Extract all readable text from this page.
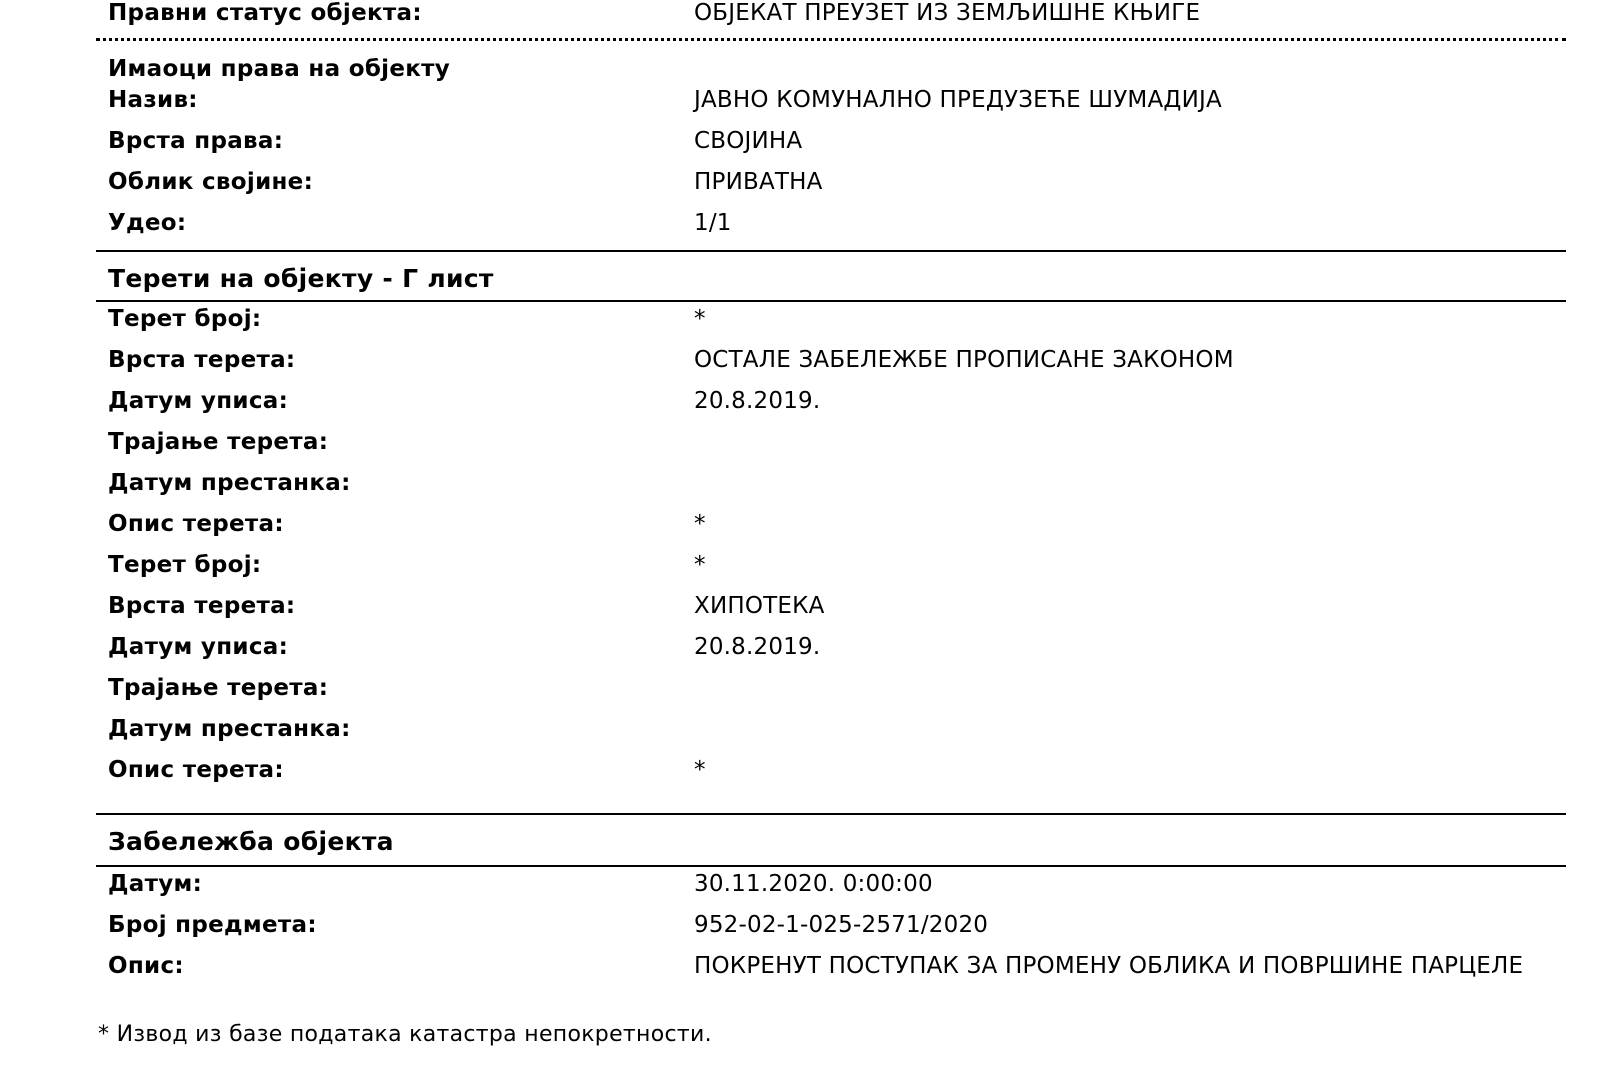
Правни статус објекта:	ОБЈЕКАТ ПРЕУЗЕТ ИЗ ЗЕМЉИШНЕ КЊИГЕ
Имаоци права на објекту
Назив:	ЈАВНО КОМУНАЛНО ПРЕДУЗЕЋЕ ШУМАДИЈА
Врста права:	СВОЈИНА
Облик својине:	ПРИВАТНА
Удео:	1/1
Терети на објекту - Г лист
Терет број:	*
Врста терета:	ОСТАЛЕ ЗАБЕЛЕЖБЕ ПРОПИСАНЕ ЗАКОНОМ
Датум уписа:	20.8.2019.
Трајање терета:
Датум престанка:
Опис терета:	*
Терет број:	*
Врста терета:	ХИПОТЕКА
Датум уписа:	20.8.2019.
Трајање терета:
Датум престанка:
Опис терета:	*
Забележба објекта
Датум:	30.11.2020. 0:00:00
Број предмета:	952-02-1-025-2571/2020
Опис:	ПОКРЕНУТ ПОСТУПАК ЗА ПРОМЕНУ ОБЛИКА И ПОВРШИНЕ ПАРЦЕЛЕ
* Извод из базе података катастра непокретности.
